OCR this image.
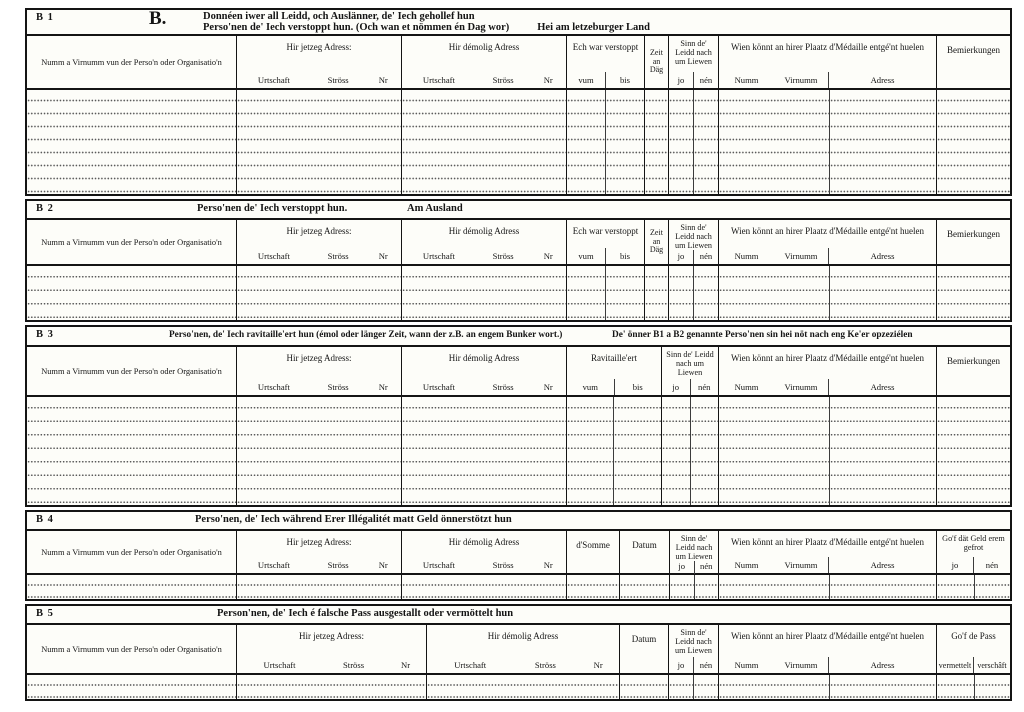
B 1	B.	Donnéen iwer all Leidd, och Auslänner, de' Iech gehollef hun
Perso'nen de' Iech verstoppt hun. (Och wan et nömmen én Dag wor)	Hei am letzeburger Land
Numm a Virnumm vun der Perso'n oder Organisatio'n
Hir jetzeg Adress:
Urtschaft	Ströss	Nr
Hir démolig Adress
Urtschaft	Ströss	Nr
Ech war verstoppt
vum	bis
Zeit an Däg
Sinn de' Leidd nach um Liewen
jo	nén
Wien könnt an hirer Plaatz d'Médaille entgé'nt huelen
Numm	Virnumm	Adress
Bemierkungen
B 2	Perso'nen de' Iech verstoppt hun.	Am Ausland
Numm a Virnumm vun der Perso'n oder Organisatio'n
Hir jetzeg Adress:
Urtschaft	Ströss	Nr
Hir démolig Adress
Urtschaft	Ströss	Nr
Ech war verstoppt
vum	bis
Zeit an Däg
Sinn de' Leidd nach um Liewen
jo	nén
Wien könnt an hirer Plaatz d'Médaille entgé'nt huelen
Numm	Virnumm	Adress
Bemierkungen
B 3	Perso'nen, de' Iech ravitaille'ert hun (émol oder länger Zeit, wann der z.B. an engem Bunker wort.)	De' önner B1 a B2 genannte Perso'nen sin hei nöt nach eng Ke'er opzeziélen
Numm a Virnumm vun der Perso'n oder Organisatio'n
Hir jetzeg Adress:
Urtschaft	Ströss	Nr
Hir démolig Adress
Urtschaft	Ströss	Nr
Ravitaille'ert
vum	bis
Sinn de' Leidd nach um Liewen
jo	nén
Wien könnt an hirer Plaatz d'Médaille entgé'nt huelen
Numm	Virnumm	Adress
Bemierkungen
B 4	Perso'nen, de' Iech während Erer Illégalitét matt Geld önnerstötzt hun
Numm a Virnumm vun der Perso'n oder Organisatio'n
Hir jetzeg Adress:
Urtschaft	Ströss	Nr
Hir démolig Adress
Urtschaft	Ströss	Nr
d'Somme	Datum
Sinn de' Leidd nach um Liewen
jo	nén
Wien könnt an hirer Plaatz d'Médaille entgé'nt huelen
Numm	Virnumm	Adress
Go'f dät Geld erem gefrot
jo	nén
B 5	Person'nen, de' Iech é falsche Pass ausgestallt oder vermöttelt hun
Numm a Virnumm vun der Perso'n oder Organisatio'n
Hir jetzeg Adress:
Urtschaft	Ströss	Nr
Hir démolig Adress
Urtschaft	Ströss	Nr
Datum
Sinn de' Leidd nach um Liewen
jo	nén
Wien könnt an hirer Plaatz d'Médaille entgé'nt huelen
Numm	Virnumm	Adress
Go'f de Pass
vermettelt verschâft
